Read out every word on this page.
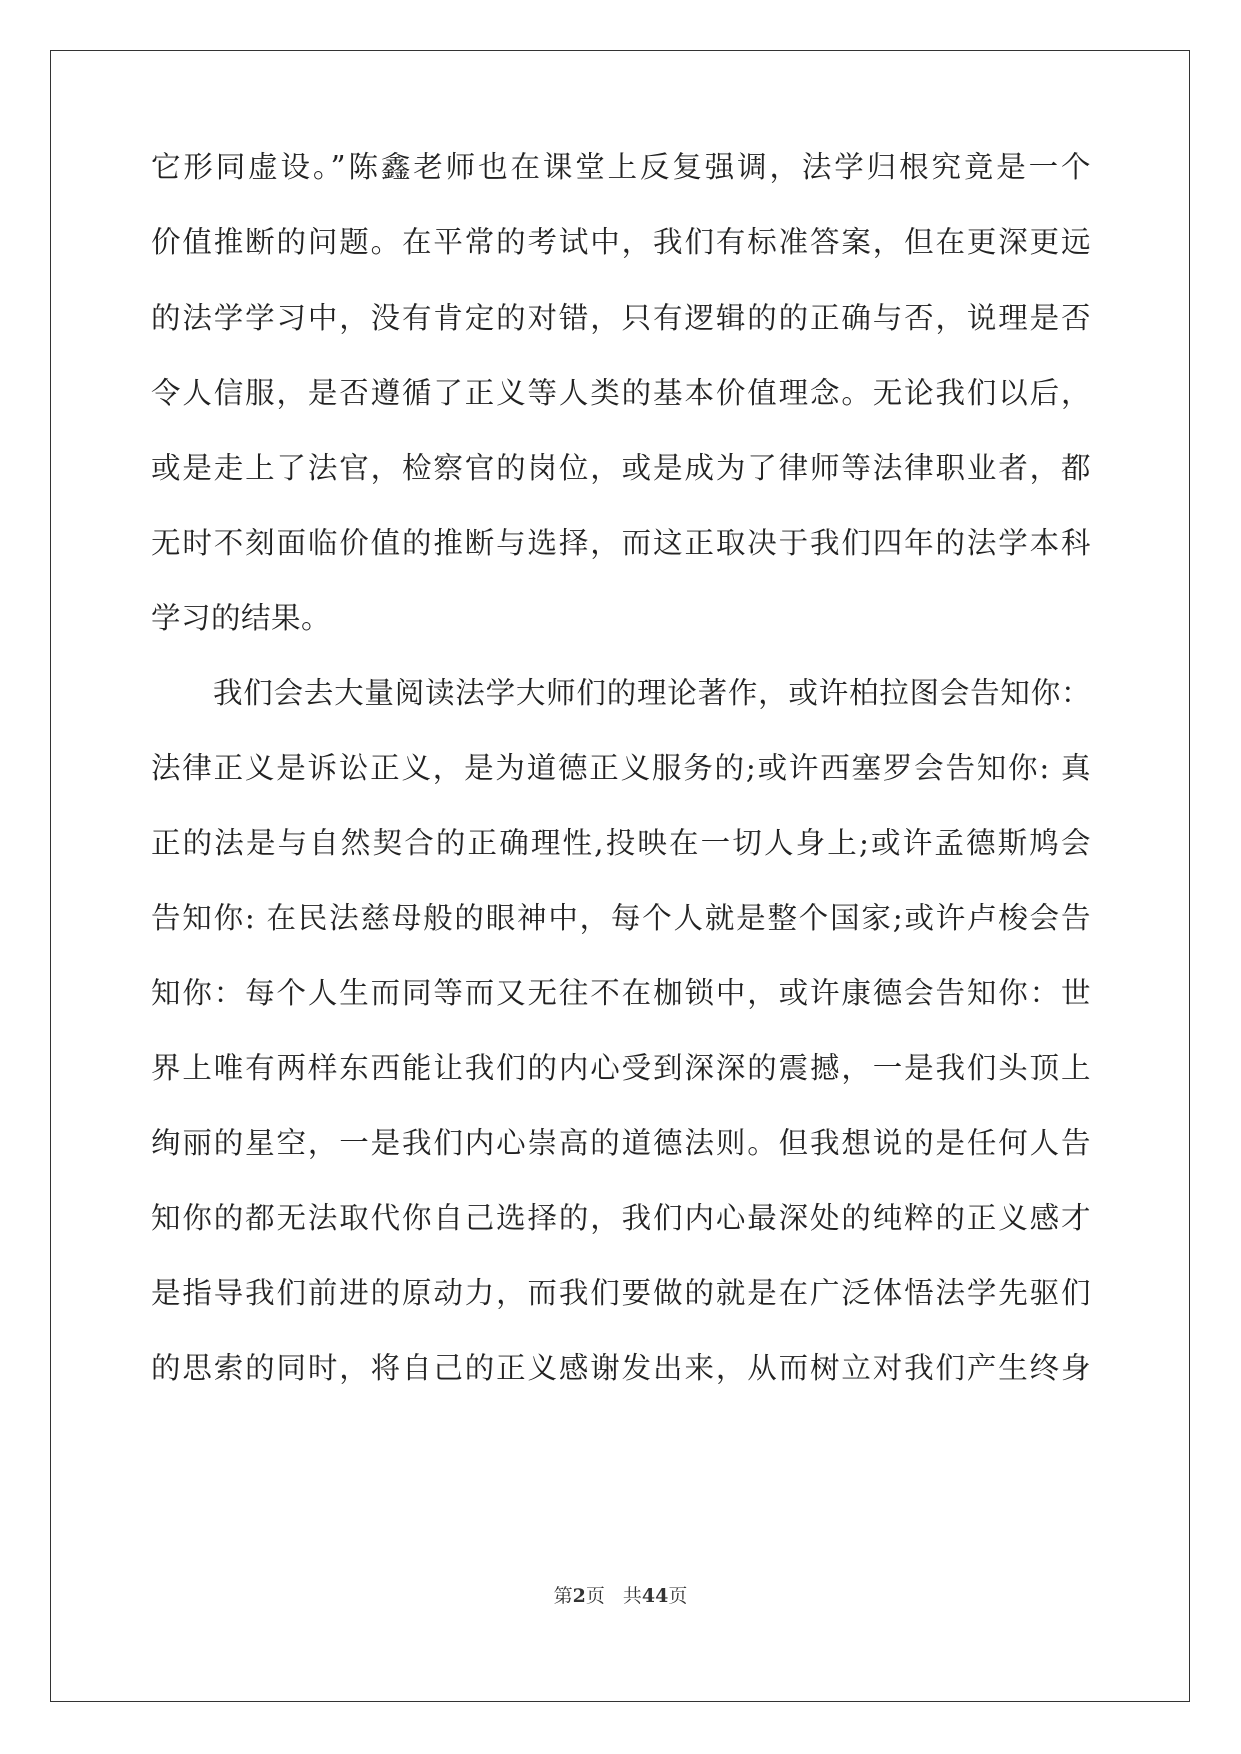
它形同虚设。”陈鑫老师也在课堂上反复强调，法学归根究竟是一个
价值推断的问题。在平常的考试中，我们有标准答案，但在更深更远
的法学学习中，没有肯定的对错，只有逻辑的的正确与否，说理是否
令人信服，是否遵循了正义等人类的基本价值理念。无论我们以后，
或是走上了法官，检察官的岗位，或是成为了律师等法律职业者，都
无时不刻面临价值的推断与选择，而这正取决于我们四年的法学本科
学习的结果。
我们会去大量阅读法学大师们的理论著作，或许柏拉图会告知你：
法律正义是诉讼正义，是为道德正义服务的;或许西塞罗会告知你: 真
正的法是与自然契合的正确理性,投映在一切人身上;或许孟德斯鸠会
告知你: 在民法慈母般的眼神中，每个人就是整个国家;或许卢梭会告
知你：每个人生而同等而又无往不在枷锁中，或许康德会告知你：世
界上唯有两样东西能让我们的内心受到深深的震撼，一是我们头顶上
绚丽的星空，一是我们内心崇高的道德法则。但我想说的是任何人告
知你的都无法取代你自己选择的，我们内心最深处的纯粹的正义感才
是指导我们前进的原动力，而我们要做的就是在广泛体悟法学先驱们
的思索的同时，将自己的正义感谢发出来，从而树立对我们产生终身
第2页 共44页
